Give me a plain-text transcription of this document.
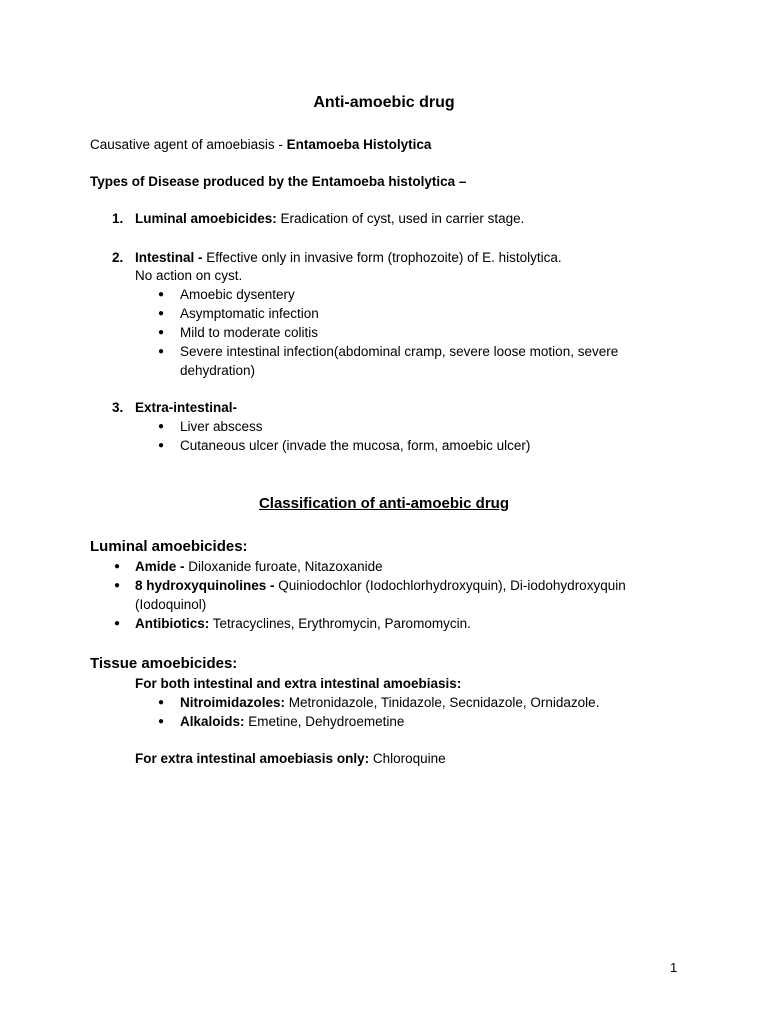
Anti-amoebic drug
Causative agent of amoebiasis - Entamoeba Histolytica
Types of Disease produced by the Entamoeba histolytica –
1. Luminal amoebicides: Eradication of cyst, used in carrier stage.
2. Intestinal - Effective only in invasive form (trophozoite) of E. histolytica.
No action on cyst.
● Amoebic dysentery
● Asymptomatic infection
● Mild to moderate colitis
● Severe intestinal infection(abdominal cramp, severe loose motion, severe
dehydration)
3. Extra-intestinal-
● Liver abscess
● Cutaneous ulcer (invade the mucosa, form, amoebic ulcer)
Classification of anti-amoebic drug
Luminal amoebicides:
● Amide - Diloxanide furoate, Nitazoxanide
● 8 hydroxyquinolines - Quiniodochlor (Iodochlorhydroxyquin), Di-iodohydroxyquin
(Iodoquinol)
● Antibiotics: Tetracyclines, Erythromycin, Paromomycin.
Tissue amoebicides:
For both intestinal and extra intestinal amoebiasis:
● Nitroimidazoles: Metronidazole, Tinidazole, Secnidazole, Ornidazole.
● Alkaloids: Emetine, Dehydroemetine
For extra intestinal amoebiasis only: Chloroquine
1
